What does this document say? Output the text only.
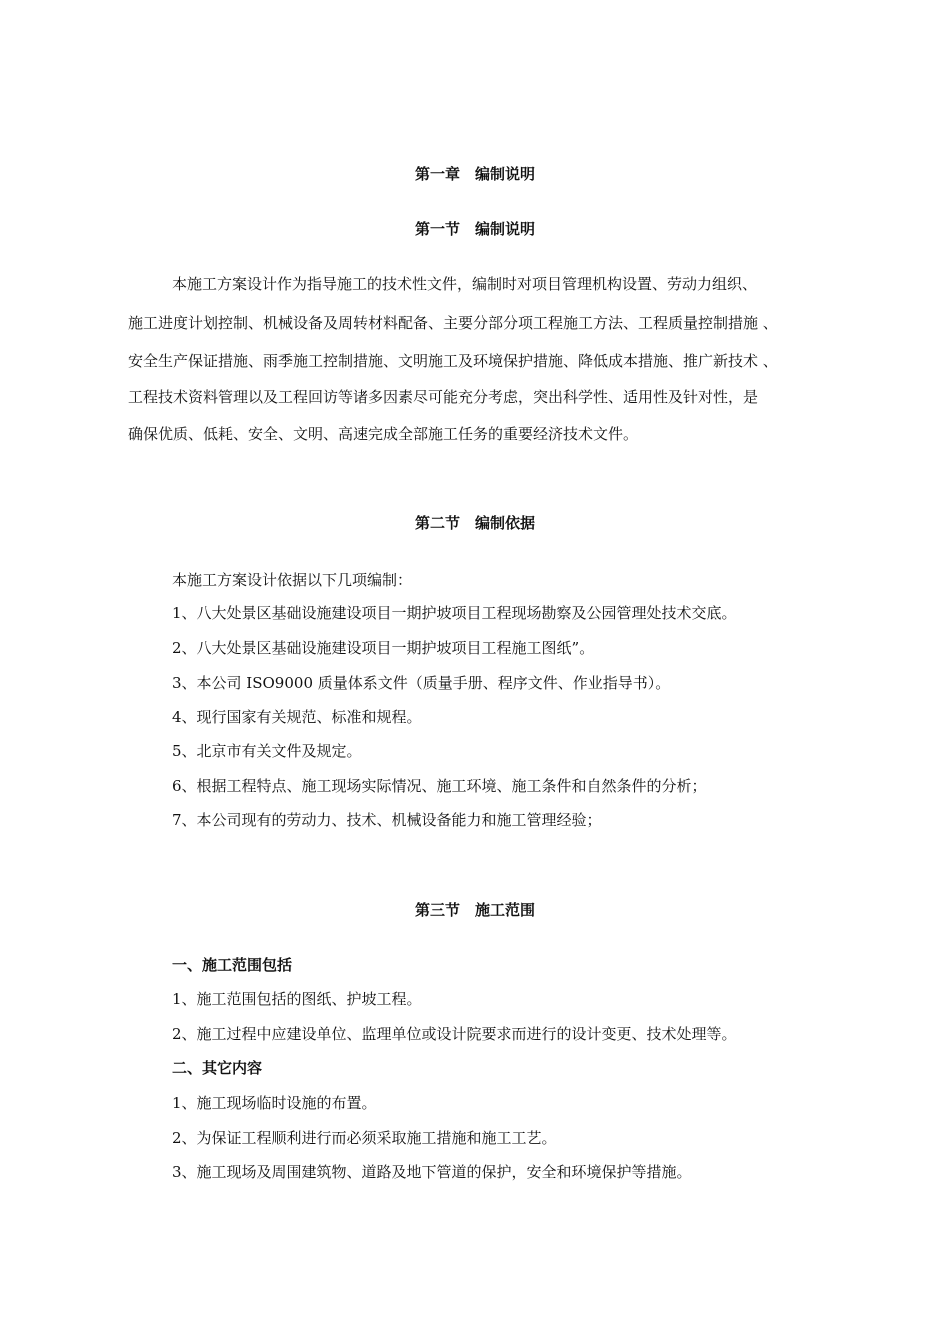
第一章　编制说明
第一节　编制说明
本施工方案设计作为指导施工的技术性文件，编制时对项目管理机构设置、劳动力组织、
施工进度计划控制、机械设备及周转材料配备、主要分部分项工程施工方法、工程质量控制措施 、
安全生产保证措施、雨季施工控制措施、文明施工及环境保护措施、降低成本措施、推广新技术 、
工程技术资料管理以及工程回访等诸多因素尽可能充分考虑，突出科学性、适用性及针对性，是
确保优质、低耗、安全、文明、高速完成全部施工任务的重要经济技术文件。
第二节　编制依据
本施工方案设计依据以下几项编制：
1、八大处景区基础设施建设项目一期护坡项目工程现场勘察及公园管理处技术交底。
2、八大处景区基础设施建设项目一期护坡项目工程施工图纸”。
3、本公司 ISO9000 质量体系文件（质量手册、程序文件、作业指导书）。
4、现行国家有关规范、标准和规程。
5、北京市有关文件及规定。
6、根据工程特点、施工现场实际情况、施工环境、施工条件和自然条件的分析；
7、本公司现有的劳动力、技术、机械设备能力和施工管理经验；
第三节　施工范围
一、施工范围包括
1、施工范围包括的图纸、护坡工程。
2、施工过程中应建设单位、监理单位或设计院要求而进行的设计变更、技术处理等。
二、其它内容
1、施工现场临时设施的布置。
2、为保证工程顺利进行而必须采取施工措施和施工工艺。
3、施工现场及周围建筑物、道路及地下管道的保护，安全和环境保护等措施。
